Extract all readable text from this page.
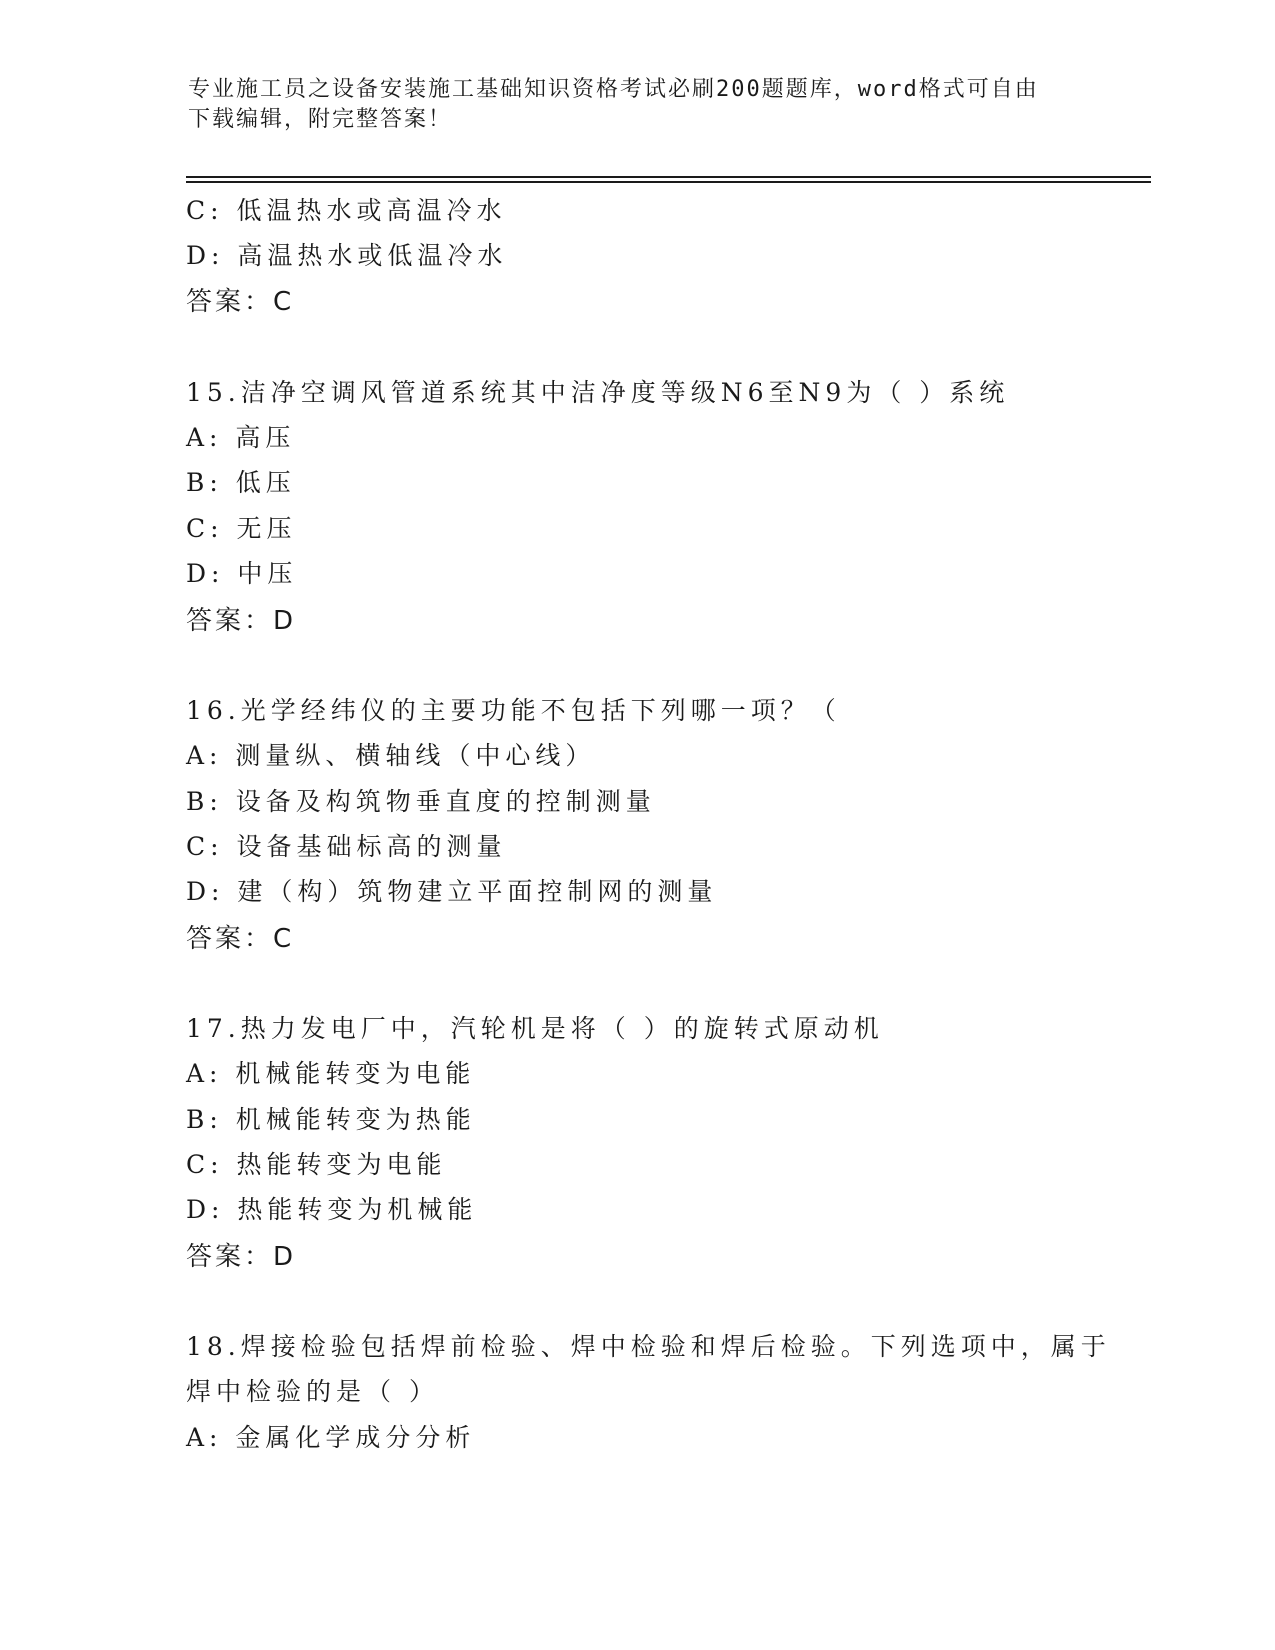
专业施工员之设备安装施工基础知识资格考试必刷200题题库，word格式可自由
下载编辑，附完整答案！
C: 低温热水或高温冷水
D: 高温热水或低温冷水
答案：C
15.洁净空调风管道系统其中洁净度等级N6至N9为（ ）系统
A: 高压
B: 低压
C: 无压
D: 中压
答案：D
16.光学经纬仪的主要功能不包括下列哪一项？（
A: 测量纵、横轴线（中心线）
B: 设备及构筑物垂直度的控制测量
C: 设备基础标高的测量
D: 建（构）筑物建立平面控制网的测量
答案：C
17.热力发电厂中，汽轮机是将（ ）的旋转式原动机
A: 机械能转变为电能
B: 机械能转变为热能
C: 热能转变为电能
D: 热能转变为机械能
答案：D
18.焊接检验包括焊前检验、焊中检验和焊后检验。下列选项中，属于
焊中检验的是（ ）
A: 金属化学成分分析
